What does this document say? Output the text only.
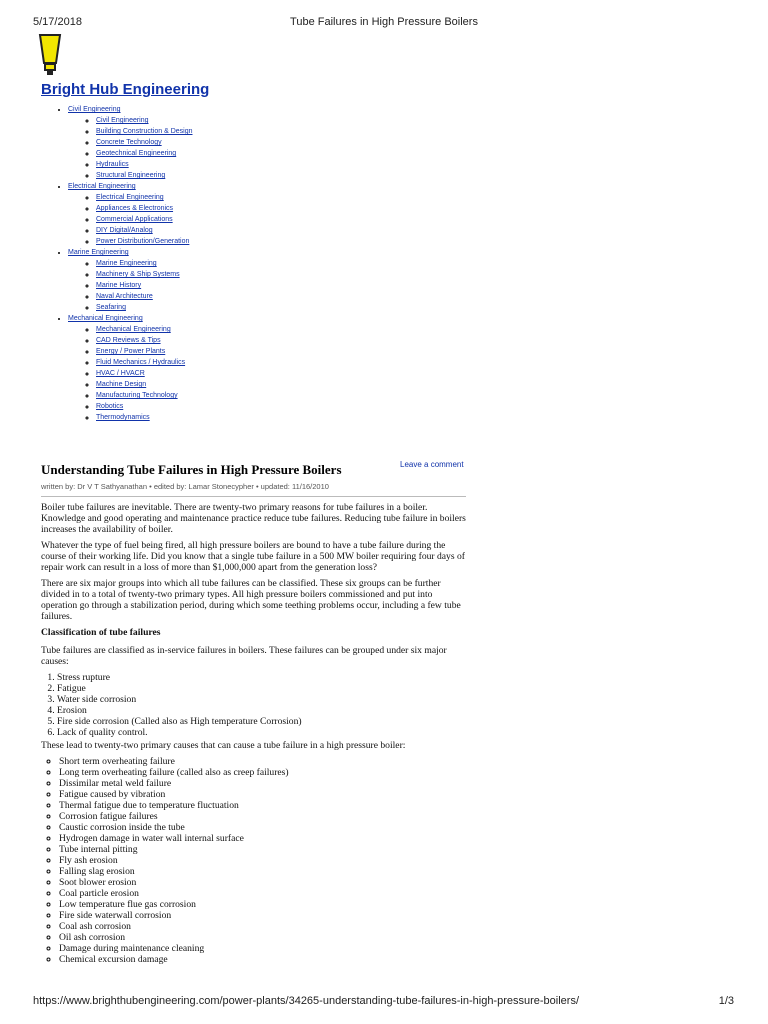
5/17/2018	Tube Failures in High Pressure Boilers
Bright Hub Engineering
• Civil Engineering
◦ Civil Engineering
◦ Building Construction & Design
◦ Concrete Technology
◦ Geotechnical Engineering
◦ Hydraulics
◦ Structural Engineering
• Electrical Engineering
◦ Electrical Engineering
◦ Appliances & Electronics
◦ Commercial Applications
◦ DIY Digital/Analog
◦ Power Distribution/Generation
• Marine Engineering
◦ Marine Engineering
◦ Machinery & Ship Systems
◦ Marine History
◦ Naval Architecture
◦ Seafaring
• Mechanical Engineering
◦ Mechanical Engineering
◦ CAD Reviews & Tips
◦ Energy / Power Plants
◦ Fluid Mechanics / Hydraulics
◦ HVAC / HVACR
◦ Machine Design
◦ Manufacturing Technology
◦ Robotics
◦ Thermodynamics
Understanding Tube Failures in High Pressure Boilers	Leave a comment
written by: Dr V T Sathyanathan • edited by: Lamar Stonecypher • updated: 11/16/2010

Boiler tube failures are inevitable. There are twenty-two primary reasons for tube failures in a boiler. Knowledge and good operating and maintenance practice reduce tube failures. Reducing tube failure in boilers increases the availability of boiler.

Whatever the type of fuel being fired, all high pressure boilers are bound to have a tube failure during the course of their working life. Did you know that a single tube failure in a 500 MW boiler requiring four days of repair work can result in a loss of more than $1,000,000 apart from the generation loss?

There are six major groups into which all tube failures can be classified. These six groups can be further divided in to a total of twenty-two primary types. All high pressure boilers commissioned and put into operation go through a stabilization period, during which some teething problems occur, including a few tube failures.

Classification of tube failures

Tube failures are classified as in-service failures in boilers. These failures can be grouped under six major causes:

1. Stress rupture
2. Fatigue
3. Water side corrosion
4. Erosion
5. Fire side corrosion (Called also as High temperature Corrosion)
6. Lack of quality control.

These lead to twenty-two primary causes that can cause a tube failure in a high pressure boiler:

◦ Short term overheating failure
◦ Long term overheating failure (called also as creep failures)
◦ Dissimilar metal weld failure
◦ Fatigue caused by vibration
◦ Thermal fatigue due to temperature fluctuation
◦ Corrosion fatigue failures
◦ Caustic corrosion inside the tube
◦ Hydrogen damage in water wall internal surface
◦ Tube internal pitting
◦ Fly ash erosion
◦ Falling slag erosion
◦ Soot blower erosion
◦ Coal particle erosion
◦ Low temperature flue gas corrosion
◦ Fire side waterwall corrosion
◦ Coal ash corrosion
◦ Oil ash corrosion
◦ Damage during maintenance cleaning
◦ Chemical excursion damage
https://www.brighthubengineering.com/power-plants/34265-understanding-tube-failures-in-high-pressure-boilers/	1/3
